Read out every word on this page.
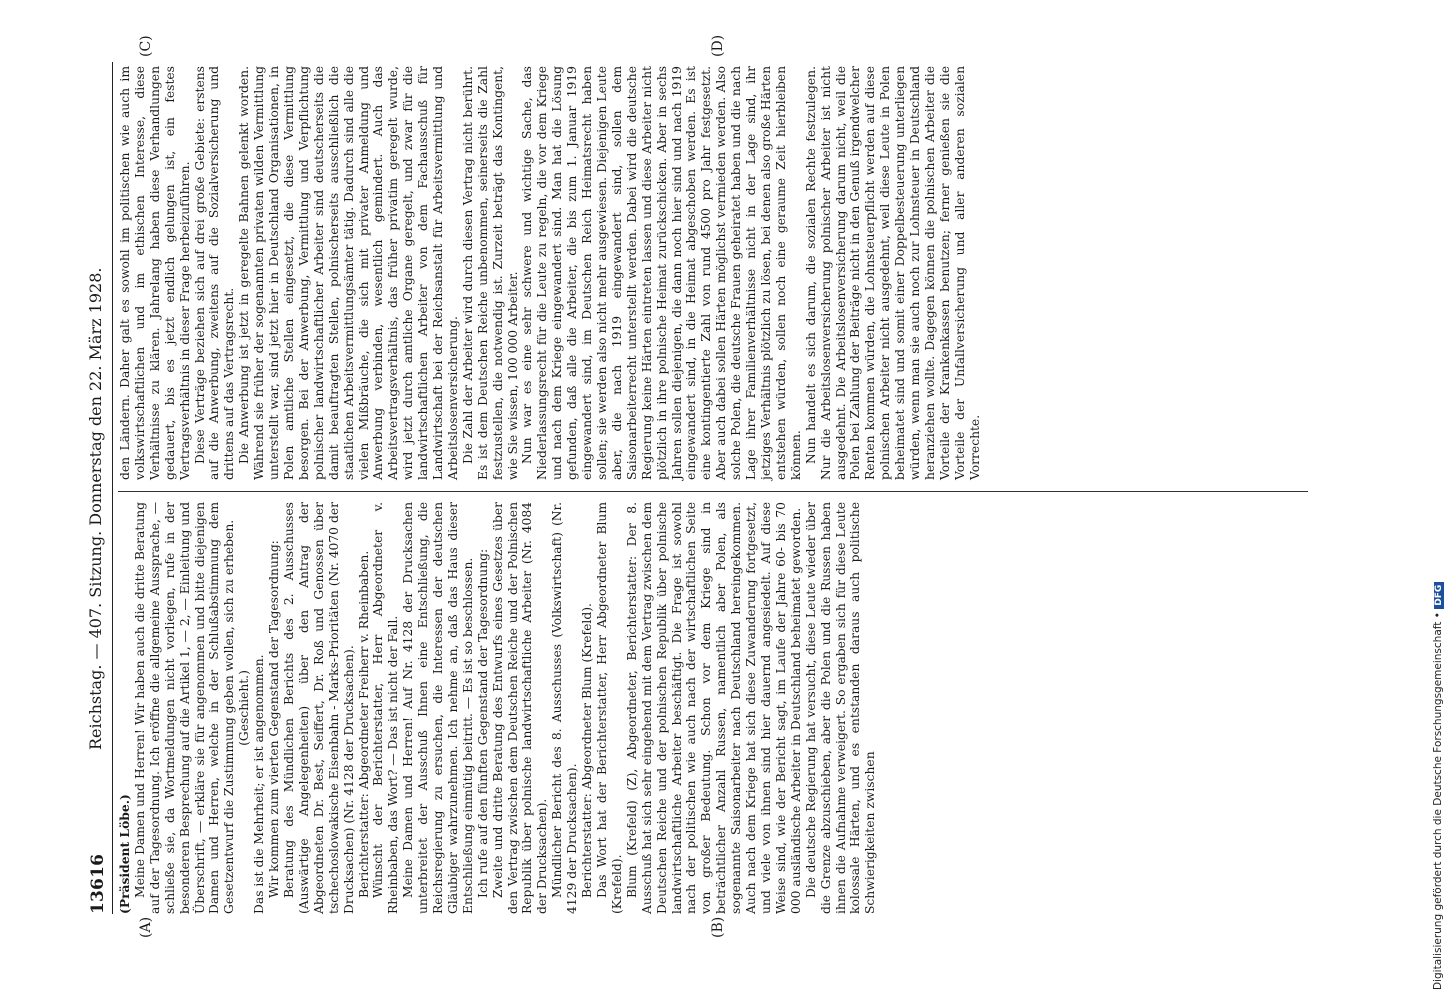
13616
Reichstag. — 407. Sitzung. Donnerstag den 22. März 1928.
(A)	(B)
(C)	(D)

(Präsident Löbe.) Meine Damen und Herren! Wir haben auch die dritte Beratung auf der Tagesordnung. Ich eröffne die allgemeine Aussprache, — schließe sie, da Wortmeldungen nicht vorliegen, rufe in der besonderen Besprechung auf die Artikel 1, — 2, — Einleitung und Überschrift, — erkläre sie für angenommen und bitte diejenigen Damen und Herren, welche in der Schlußabstimmung dem Gesetzentwurf die Zustimmung geben wollen, sich zu erheben. (Geschieht.) Das ist die Mehrheit; er ist angenommen. Wir kommen zum vierten Gegenstand der Tagesordnung: Beratung des Mündlichen Berichts des 2. Ausschusses (Auswärtige Angelegenheiten) über den Antrag der Abgeordneten Dr. Best, Seiffert, Dr. Roß und Genossen über tschechoslowakische Eisenbahn - Marks-Prioritäten (Nr. 4070 der Drucksachen) (Nr. 4128 der Drucksachen). Berichterstatter: Abgeordneter Freiherr v. Rheinbaben. Wünscht der Berichterstatter, Herr Abgeordneter v. Rheinbaben, das Wort? — Das ist nicht der Fall. Meine Damen und Herren! Auf Nr. 4128 der Drucksachen unterbreitet der Ausschuß Ihnen eine Entschließung, die Reichsregierung zu ersuchen, die Interessen der deutschen Gläubiger wahrzunehmen. Ich nehme an, daß das Haus dieser Entschließung einmütig beitritt. — Es ist so beschlossen. Ich rufe auf den fünften Gegenstand der Tagesordnung: Zweite und dritte Beratung des Entwurfs eines Gesetzes über den Vertrag zwischen dem Deutschen Reiche und der Polnischen Republik über polnische landwirtschaftliche Arbeiter (Nr. 4084 der Drucksachen). Mündlicher Bericht des 8. Ausschusses (Volkswirtschaft) (Nr. 4129 der Drucksachen). Berichterstatter: Abgeordneter Blum (Krefeld). Das Wort hat der Berichterstatter, Herr Abgeordneter Blum (Krefeld). Blum (Krefeld) (Z), Abgeordneter, Berichterstatter: Der 8. Ausschuß hat sich sehr eingehend mit dem Vertrag zwischen dem Deutschen Reiche und der polnischen Republik über polnische landwirtschaftliche Arbeiter beschäftigt. Die Frage ist sowohl nach der politischen wie auch nach der wirtschaftlichen Seite von großer Bedeutung. Schon vor dem Kriege sind in beträchtlicher Anzahl Russen, namentlich aber Polen, als sogenannte Saisonarbeiter nach Deutschland hereingekommen. Auch nach dem Kriege hat sich diese Zuwanderung fortgesetzt, und viele von ihnen sind hier dauernd angesiedelt. Auf diese Weise sind, wie der Bericht sagt, im Laufe der Jahre 60- bis 70 000 ausländische Arbeiter in Deutschland beheimatet geworden. Die deutsche Regierung hat versucht, diese Leute wieder über die Grenze abzuschieben, aber die Polen und die Russen haben ihnen die Aufnahme verweigert. So ergaben sich für diese Leute kolossale Härten, und es entstanden daraus auch politische Schwierigkeiten zwischen

den Ländern. Daher galt es sowohl im politischen wie auch im volkswirtschaftlichen und im ethischen Interesse, diese Verhältnisse zu klären. Jahrelang haben diese Verhandlungen gedauert, bis es jetzt endlich gelungen ist, ein festes Vertragsverhältnis in dieser Frage herbeizuführen. Diese Verträge beziehen sich auf drei große Gebiete: erstens auf die Anwerbung, zweitens auf die Sozialversicherung und drittens auf das Vertragsrecht. Die Anwerbung ist jetzt in geregelte Bahnen gelenkt worden. Während sie früher der sogenannten privaten wilden Vermittlung unterstellt war, sind jetzt hier in Deutschland Organisationen, in Polen amtliche Stellen eingesetzt, die diese Vermittlung besorgen. Bei der Anwerbung, Vermittlung und Verpflichtung polnischer landwirtschaftlicher Arbeiter sind deutscherseits die damit beauftragten Stellen, polnischerseits ausschließlich die staatlichen Arbeitsvermittlungsämter tätig. Dadurch sind alle die vielen Mißbräuche, die sich mit privater Anmeldung und Anwerbung verbinden, wesentlich gemindert. Auch das Arbeitsvertragsverhältnis, das früher privatim geregelt wurde, wird jetzt durch amtliche Organe geregelt, und zwar für die landwirtschaftlichen Arbeiter von dem Fachausschuß für Landwirtschaft bei der Reichsanstalt für Arbeitsvermittlung und Arbeitslosenversicherung. Die Zahl der Arbeiter wird durch diesen Vertrag nicht berührt. Es ist dem Deutschen Reiche unbenommen, seinerseits die Zahl festzustellen, die notwendig ist. Zurzeit beträgt das Kontingent, wie Sie wissen, 100 000 Arbeiter. Nun war es eine sehr schwere und wichtige Sache, das Niederlassungsrecht für die Leute zu regeln, die vor dem Kriege und nach dem Kriege eingewandert sind. Man hat die Lösung gefunden, daß alle die Arbeiter, die bis zum 1. Januar 1919 eingewandert sind, im Deutschen Reich Heimatsrecht haben sollen; sie werden also nicht mehr ausgewiesen. Diejenigen Leute aber, die nach 1919 eingewandert sind, sollen dem Saisonarbeiterrecht unterstellt werden. Dabei wird die deutsche Regierung keine Härten eintreten lassen und diese Arbeiter nicht plötzlich in ihre polnische Heimat zurückschicken. Aber in sechs Jahren sollen diejenigen, die dann noch hier sind und nach 1919 eingewandert sind, in die Heimat abgeschoben werden. Es ist eine kontingentierte Zahl von rund 4500 pro Jahr festgesetzt. Aber auch dabei sollen Härten möglichst vermieden werden. Also solche Polen, die deutsche Frauen geheiratet haben und die nach Lage ihrer Familienverhältnisse nicht in der Lage sind, ihr jetziges Verhältnis plötzlich zu lösen, bei denen also große Härten entstehen würden, sollen noch eine geraume Zeit hierbleiben können. Nun handelt es sich darum, die sozialen Rechte festzulegen. Nur die Arbeitslosenversicherung polnischer Arbeiter ist nicht ausgedehnt. Die Arbeitslosenversicherung darum nicht, weil die Polen bei Zahlung der Beiträge nicht in den Genuß irgendwelcher Renten kommen würden, die Lohnsteuerpflicht werden auf diese polnischen Arbeiter nicht ausgedehnt, weil diese Leute in Polen beheimatet sind und somit einer Doppelbesteuerung unterliegen würden, wenn man sie auch noch zur Lohnsteuer in Deutschland heranziehen wollte. Dagegen können die polnischen Arbeiter die Vorteile der Krankenkassen benutzen; ferner genießen sie die Vorteile der Unfallversicherung und aller anderen sozialen Vorrechte.

Digitalisierung gefördert durch die Deutsche Forschungsgemeinschaft • DFG
